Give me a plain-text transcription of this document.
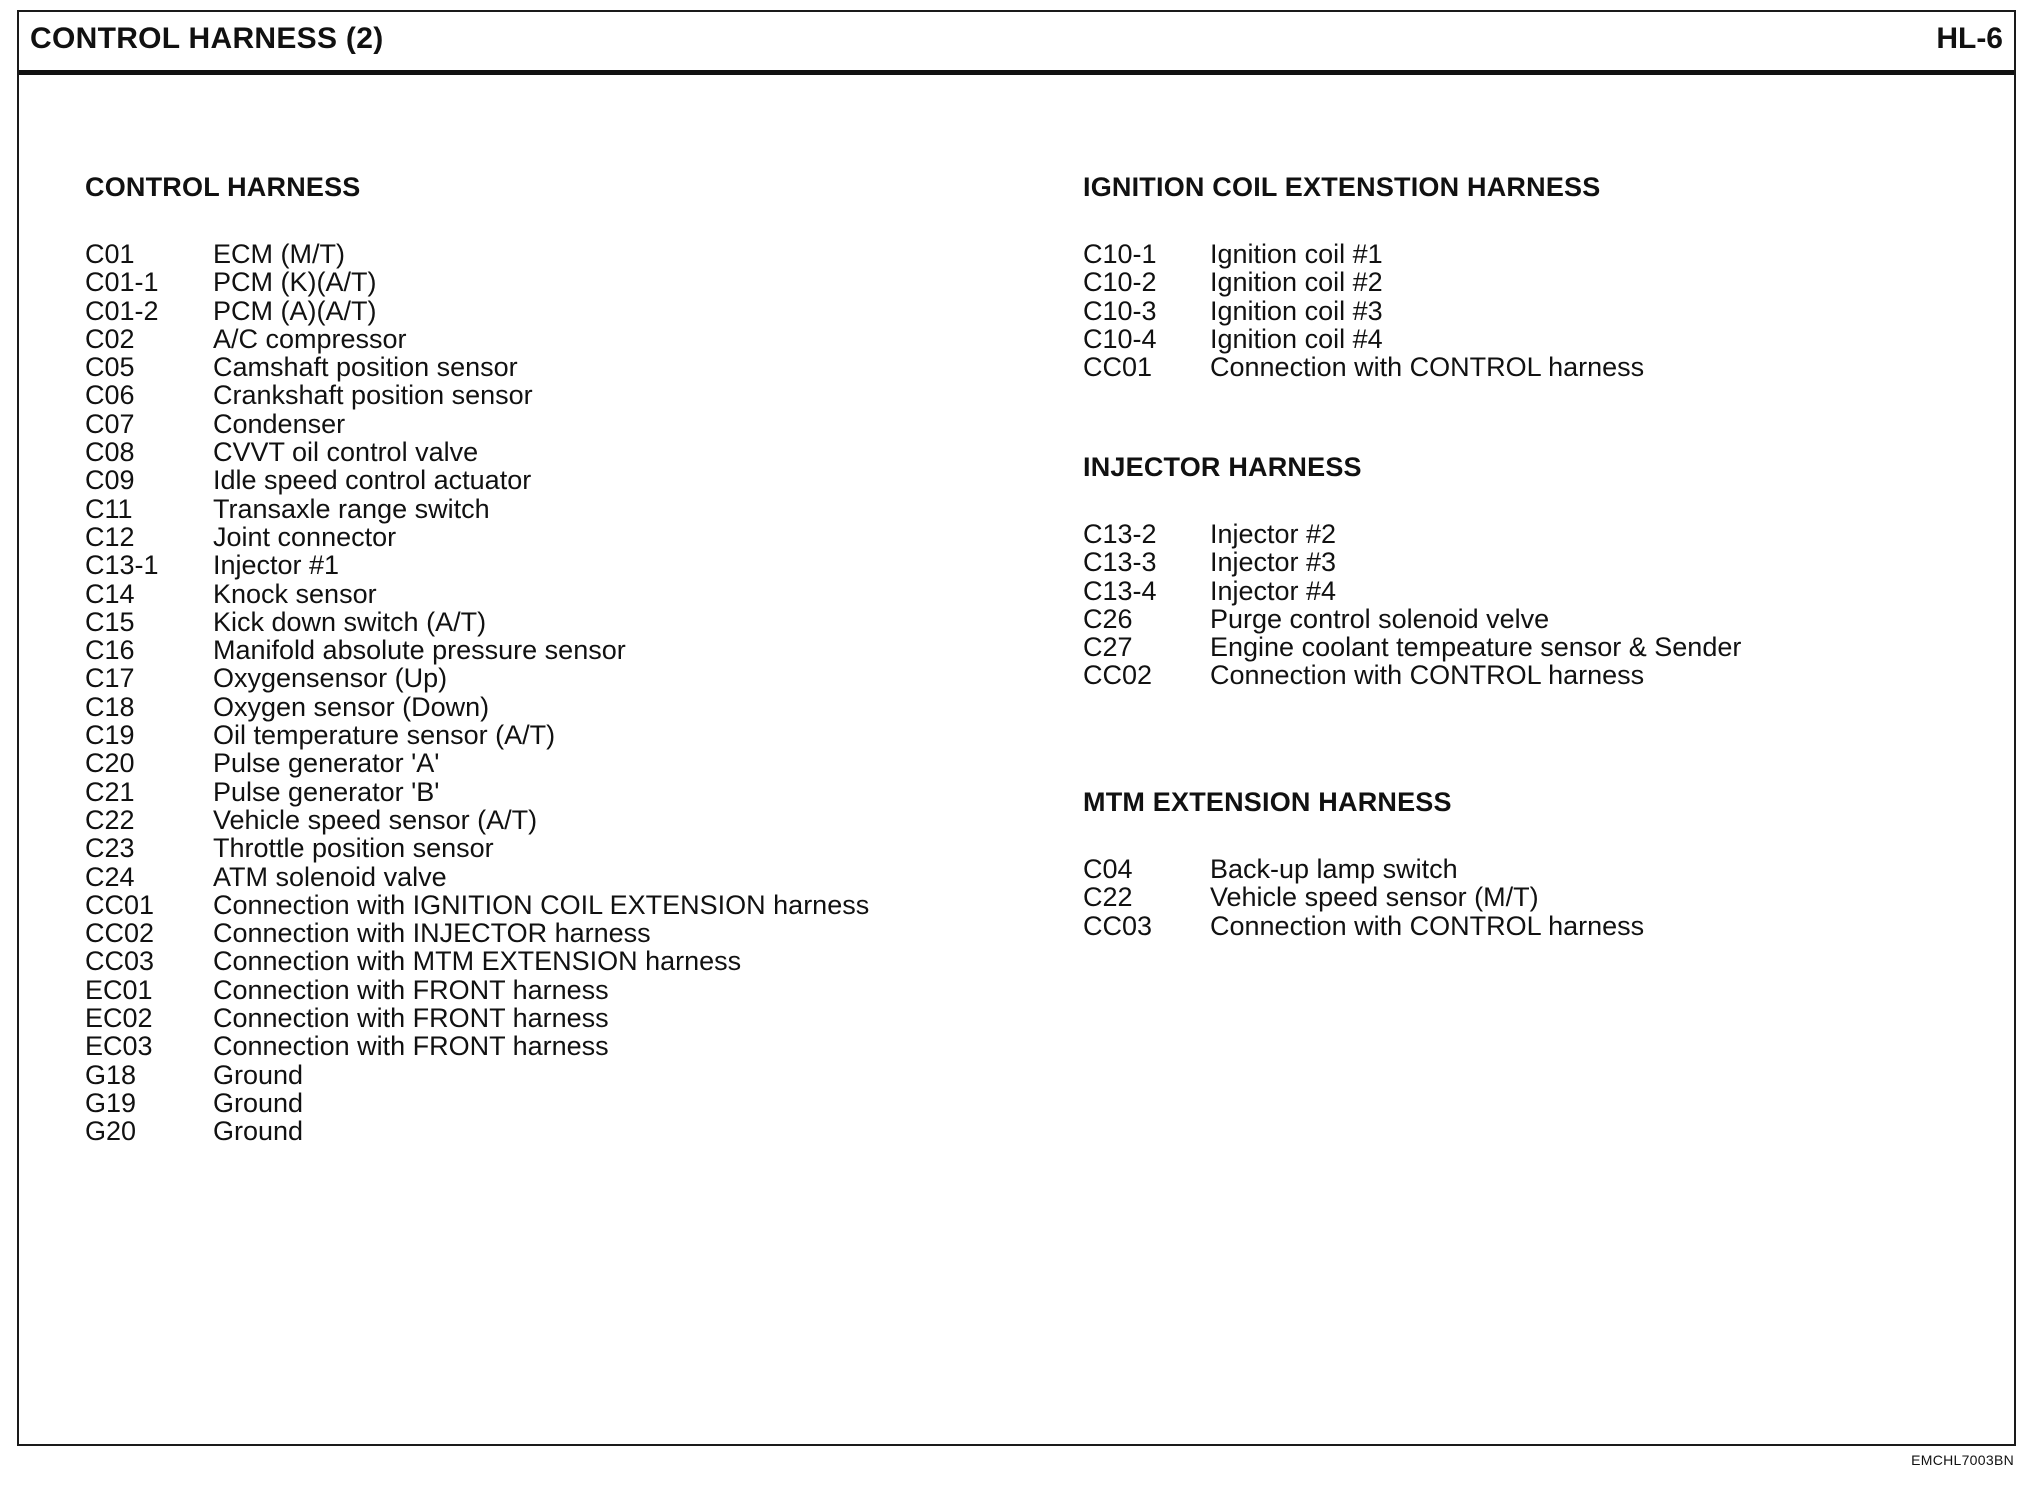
CONTROL HARNESS (2)	HL-6
CONTROL HARNESS
C01	ECM (M/T)
C01-1	PCM (K)(A/T)
C01-2	PCM (A)(A/T)
C02	A/C compressor
C05	Camshaft position sensor
C06	Crankshaft position sensor
C07	Condenser
C08	CVVT oil control valve
C09	Idle speed control actuator
C11	Transaxle range switch
C12	Joint connector
C13-1	Injector #1
C14	Knock sensor
C15	Kick down switch (A/T)
C16	Manifold absolute pressure sensor
C17	Oxygensensor (Up)
C18	Oxygen sensor (Down)
C19	Oil temperature sensor (A/T)
C20	Pulse generator 'A'
C21	Pulse generator 'B'
C22	Vehicle speed sensor (A/T)
C23	Throttle position sensor
C24	ATM solenoid valve
CC01	Connection with IGNITION COIL EXTENSION harness
CC02	Connection with INJECTOR harness
CC03	Connection with MTM EXTENSION harness
EC01	Connection with FRONT harness
EC02	Connection with FRONT harness
EC03	Connection with FRONT harness
G18	Ground
G19	Ground
G20	Ground
IGNITION COIL EXTENSTION HARNESS
C10-1	Ignition coil #1
C10-2	Ignition coil #2
C10-3	Ignition coil #3
C10-4	Ignition coil #4
CC01	Connection with CONTROL harness
INJECTOR HARNESS
C13-2	Injector #2
C13-3	Injector #3
C13-4	Injector #4
C26	Purge control solenoid velve
C27	Engine coolant tempeature sensor & Sender
CC02	Connection with CONTROL harness
MTM EXTENSION HARNESS
C04	Back-up lamp switch
C22	Vehicle speed sensor (M/T)
CC03	Connection with CONTROL harness
EMCHL7003BN
